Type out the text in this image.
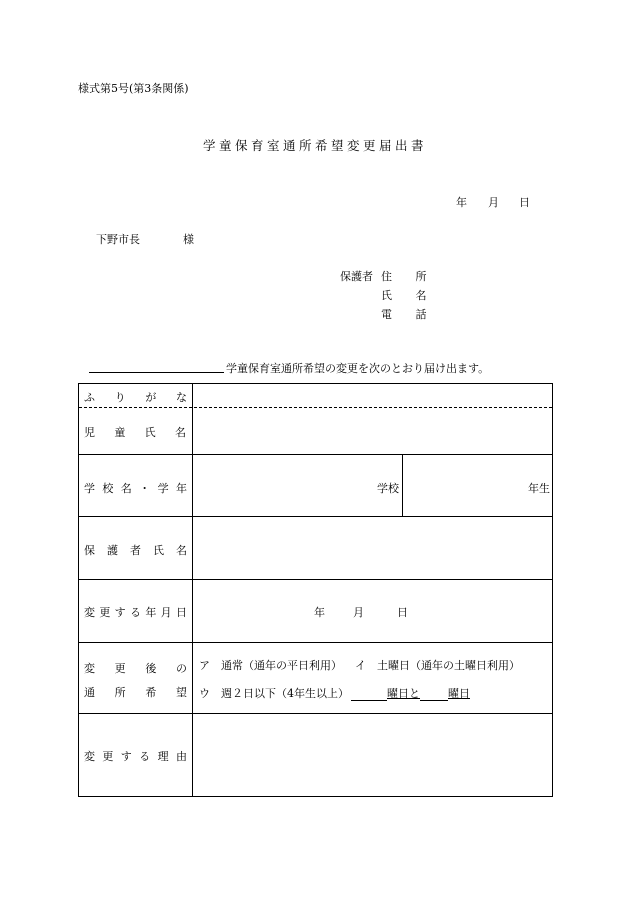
様式第5号(第3条関係)
学童保育室通所希望変更届出書
年 月 日
下野市長	様
保護者 住 所
氏 名
電 話
学童保育室通所希望の変更を次のとおり届け出ます。
ふ り が な
児 童 氏 名
学 校 名 ・ 学 年	学校	年生
保 護 者 氏 名
変 更 す る 年 月 日	年	月	日
変 更 後 の
通 所 希 望
ア　通常（通年の平日利用） イ　土曜日（通年の土曜日利用）
ウ　週２日以下（4年生以上）	曜日と	曜日
変 更 す る 理 由
